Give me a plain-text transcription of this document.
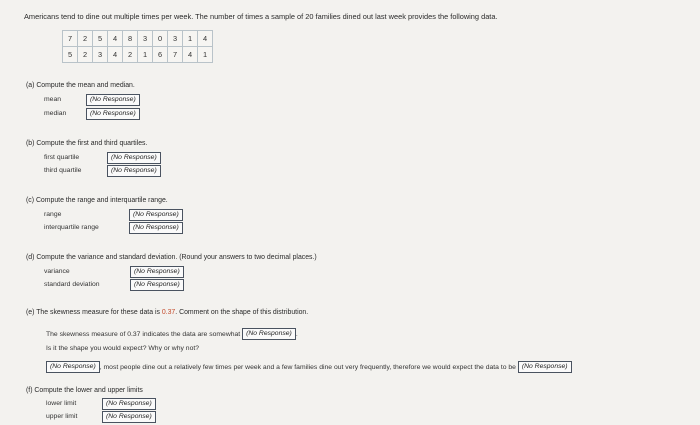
Americans tend to dine out multiple times per week. The number of times a sample of 20 families dined out last week provides the following data.
7	2	5	4	8	3	0	3	1	4
5	2	3	4	2	1	6	7	4	1
(a) Compute the mean and median.
mean	(No Response)
median	(No Response)
(b) Compute the first and third quartiles.
first quartile	(No Response)
third quartile	(No Response)
(c) Compute the range and interquartile range.
range	(No Response)
interquartile range	(No Response)
(d) Compute the variance and standard deviation. (Round your answers to two decimal places.)
variance	(No Response)
standard deviation	(No Response)
(e) The skewness measure for these data is 0.37. Comment on the shape of this distribution.
The skewness measure of 0.37 indicates the data are somewhat (No Response) .
Is it the shape you would expect? Why or why not?
(No Response) , most people dine out a relatively few times per week and a few families dine out very frequently, therefore we would expect the data to be (No Response)
(f) Compute the lower and upper limits
lower limit	(No Response)
upper limit	(No Response)
